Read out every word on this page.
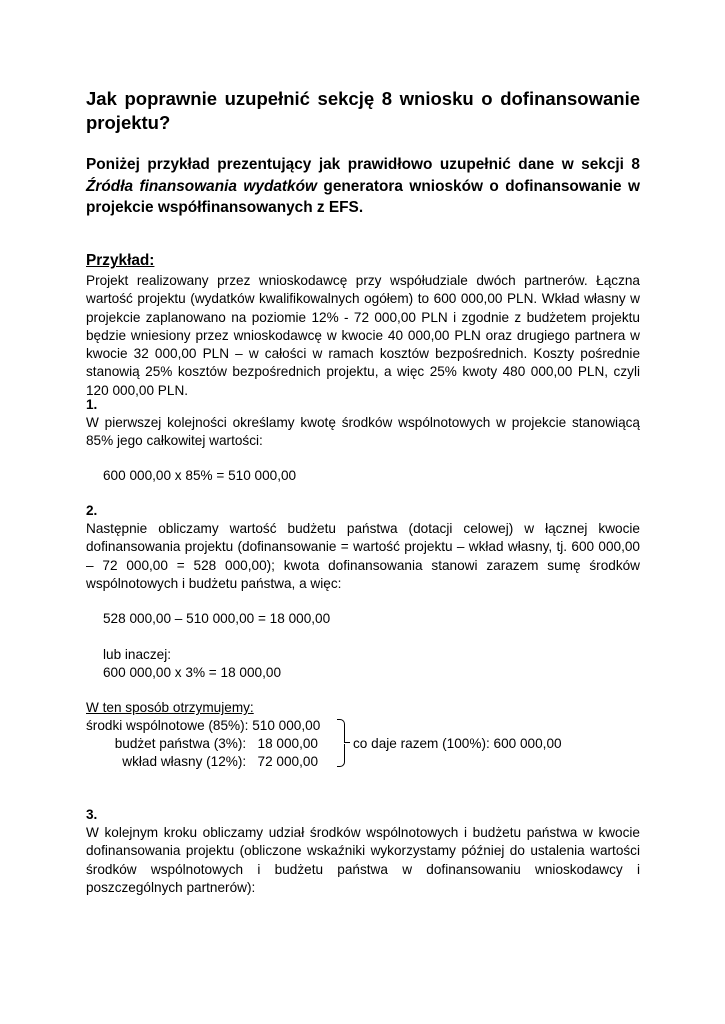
Jak poprawnie uzupełnić sekcję 8 wniosku o dofinansowanie projektu?
Poniżej przykład prezentujący jak prawidłowo uzupełnić dane w sekcji 8 Źródła finansowania wydatków generatora wniosków o dofinansowanie w projekcie współfinansowanych z EFS.
Przykład:
Projekt realizowany przez wnioskodawcę przy współudziale dwóch partnerów. Łączna wartość projektu (wydatków kwalifikowalnych ogółem) to 600 000,00 PLN. Wkład własny w projekcie zaplanowano na poziomie 12% - 72 000,00 PLN i zgodnie z budżetem projektu będzie wniesiony przez wnioskodawcę w kwocie 40 000,00 PLN oraz drugiego partnera w kwocie 32 000,00 PLN – w całości w ramach kosztów bezpośrednich. Koszty pośrednie stanowią 25% kosztów bezpośrednich projektu, a więc 25% kwoty 480 000,00 PLN, czyli 120 000,00 PLN.
1.
W pierwszej kolejności określamy kwotę środków wspólnotowych w projekcie stanowiącą 85% jego całkowitej wartości:
600 000,00 x 85% = 510 000,00
2.
Następnie obliczamy wartość budżetu państwa (dotacji celowej) w łącznej kwocie dofinansowania projektu (dofinansowanie = wartość projektu – wkład własny, tj. 600 000,00 – 72 000,00 = 528 000,00); kwota dofinansowania stanowi zarazem sumę środków wspólnotowych i budżetu państwa, a więc:
528 000,00 – 510 000,00 = 18 000,00
lub inaczej:
600 000,00 x 3% = 18 000,00
W ten sposób otrzymujemy:
środki wspólnotowe (85%): 510 000,00
budżet państwa (3%):   18 000,00
wkład własny (12%):   72 000,00
co daje razem (100%): 600 000,00
3.
W kolejnym kroku obliczamy udział środków wspólnotowych i budżetu państwa w kwocie dofinansowania projektu (obliczone wskaźniki wykorzystamy później do ustalenia wartości środków wspólnotowych i budżetu państwa w dofinansowaniu wnioskodawcy i poszczególnych partnerów):
